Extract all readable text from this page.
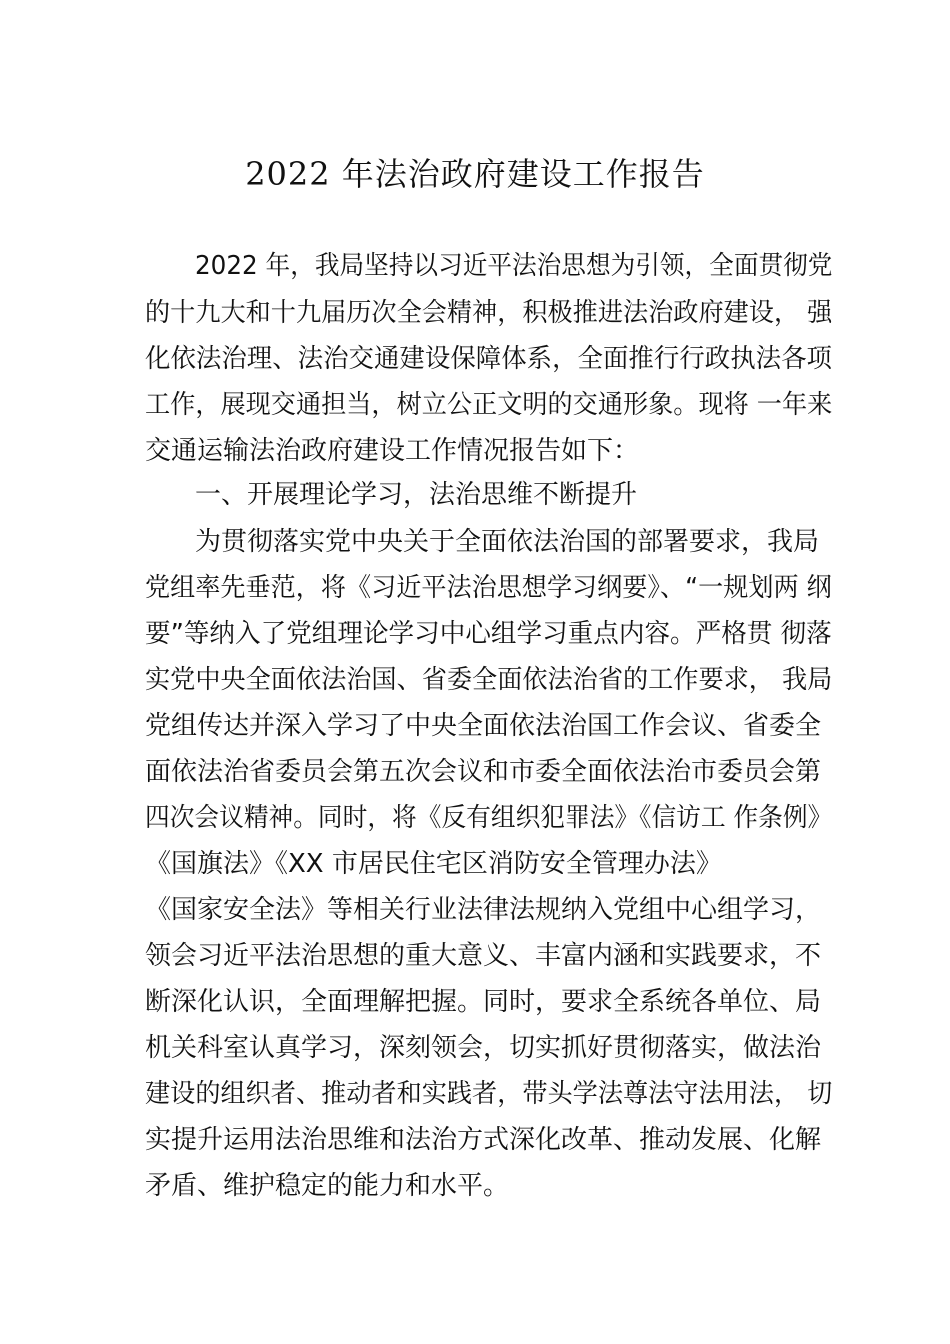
2022 年法治政府建设工作报告
2022 年，我局坚持以习近平法治思想为引领，全面贯彻党
的十九大和十九届历次全会精神，积极推进法治政府建设， 强
化依法治理、法治交通建设保障体系，全面推行行政执法各项
工作，展现交通担当，树立公正文明的交通形象。现将 一年来
交通运输法治政府建设工作情况报告如下：
一、开展理论学习，法治思维不断提升
为贯彻落实党中央关于全面依法治国的部署要求，我局
党组率先垂范，将《习近平法治思想学习纲要》、“一规划两 纲
要”等纳入了党组理论学习中心组学习重点内容。严格贯 彻落
实党中央全面依法治国、省委全面依法治省的工作要求， 我局
党组传达并深入学习了中央全面依法治国工作会议、省委全
面依法治省委员会第五次会议和市委全面依法治市委员会第
四次会议精神。同时，将《反有组织犯罪法》《信访工 作条例》
《国旗法》《XX 市居民住宅区消防安全管理办法》
《国家安全法》等相关行业法律法规纳入党组中心组学习，
领会习近平法治思想的重大意义、丰富内涵和实践要求，不
断深化认识，全面理解把握。同时，要求全系统各单位、局
机关科室认真学习，深刻领会，切实抓好贯彻落实，做法治
建设的组织者、推动者和实践者，带头学法尊法守法用法， 切
实提升运用法治思维和法治方式深化改革、推动发展、化解
矛盾、维护稳定的能力和水平。
